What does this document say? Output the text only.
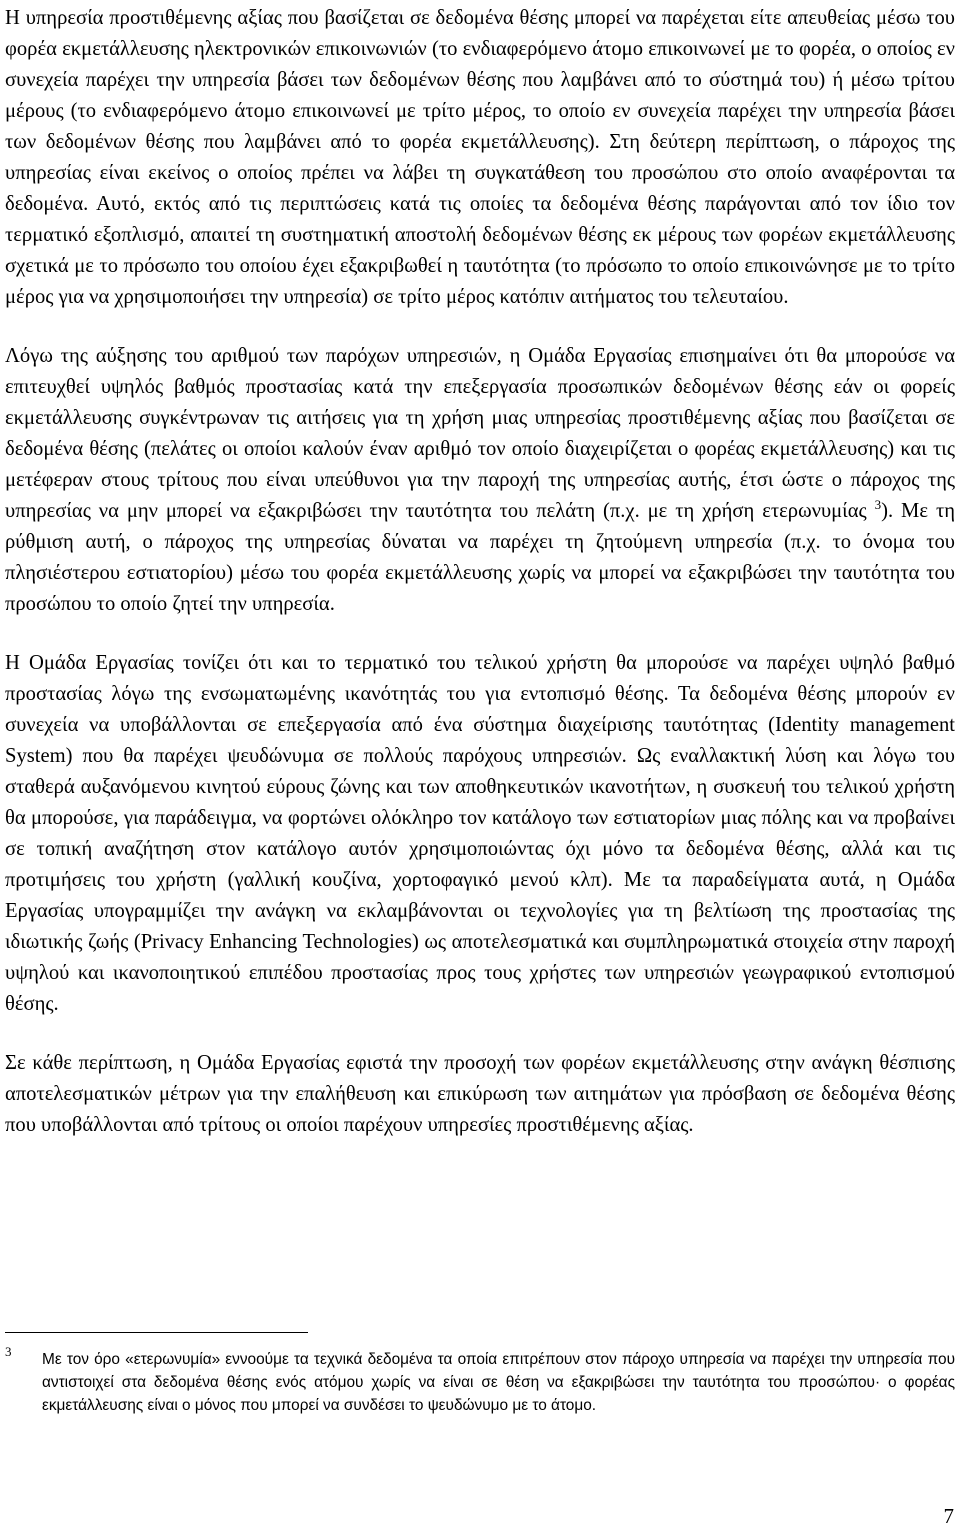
Η υπηρεσία προστιθέμενης αξίας που βασίζεται σε δεδομένα θέσης μπορεί να παρέχεται είτε απευθείας μέσω του φορέα εκμετάλλευσης ηλεκτρονικών επικοινωνιών (το ενδιαφερόμενο άτομο επικοινωνεί με το φορέα, ο οποίος εν συνεχεία παρέχει την υπηρεσία βάσει των δεδομένων θέσης που λαμβάνει από το σύστημά του) ή μέσω τρίτου μέρους (το ενδιαφερόμενο άτομο επικοινωνεί με τρίτο μέρος, το οποίο εν συνεχεία παρέχει την υπηρεσία βάσει των δεδομένων θέσης που λαμβάνει από το φορέα εκμετάλλευσης). Στη δεύτερη περίπτωση, ο πάροχος της υπηρεσίας είναι εκείνος ο οποίος πρέπει να λάβει τη συγκατάθεση του προσώπου στο οποίο αναφέρονται τα δεδομένα. Αυτό, εκτός από τις περιπτώσεις κατά τις οποίες τα δεδομένα θέσης παράγονται από τον ίδιο τον τερματικό εξοπλισμό, απαιτεί τη συστηματική αποστολή δεδομένων θέσης εκ μέρους των φορέων εκμετάλλευσης σχετικά με το πρόσωπο του οποίου έχει εξακριβωθεί η ταυτότητα (το πρόσωπο το οποίο επικοινώνησε με το τρίτο μέρος για να χρησιμοποιήσει την υπηρεσία) σε τρίτο μέρος κατόπιν αιτήματος του τελευταίου.

Λόγω της αύξησης του αριθμού των παρόχων υπηρεσιών, η Ομάδα Εργασίας επισημαίνει ότι θα μπορούσε να επιτευχθεί υψηλός βαθμός προστασίας κατά την επεξεργασία προσωπικών δεδομένων θέσης εάν οι φορείς εκμετάλλευσης συγκέντρωναν τις αιτήσεις για τη χρήση μιας υπηρεσίας προστιθέμενης αξίας που βασίζεται σε δεδομένα θέσης (πελάτες οι οποίοι καλούν έναν αριθμό τον οποίο διαχειρίζεται ο φορέας εκμετάλλευσης) και τις μετέφεραν στους τρίτους που είναι υπεύθυνοι για την παροχή της υπηρεσίας αυτής, έτσι ώστε ο πάροχος της υπηρεσίας να μην μπορεί να εξακριβώσει την ταυτότητα του πελάτη (π.χ. με τη χρήση ετερωνυμίας $^3$). Με τη ρύθμιση αυτή, ο πάροχος της υπηρεσίας δύναται να παρέχει τη ζητούμενη υπηρεσία (π.χ. το όνομα του πλησιέστερου εστιατορίου) μέσω του φορέα εκμετάλλευσης χωρίς να μπορεί να εξακριβώσει την ταυτότητα του προσώπου το οποίο ζητεί την υπηρεσία.

Η Ομάδα Εργασίας τονίζει ότι και το τερματικό του τελικού χρήστη θα μπορούσε να παρέχει υψηλό βαθμό προστασίας λόγω της ενσωματωμένης ικανότητάς του για εντοπισμό θέσης. Τα δεδομένα θέσης μπορούν εν συνεχεία να υποβάλλονται σε επεξεργασία από ένα σύστημα διαχείρισης ταυτότητας (Identity management System) που θα παρέχει ψευδώνυμα σε πολλούς παρόχους υπηρεσιών. Ως εναλλακτική λύση και λόγω του σταθερά αυξανόμενου κινητού εύρους ζώνης και των αποθηκευτικών ικανοτήτων, η συσκευή του τελικού χρήστη θα μπορούσε, για παράδειγμα, να φορτώνει ολόκληρο τον κατάλογο των εστιατορίων μιας πόλης και να προβαίνει σε τοπική αναζήτηση στον κατάλογο αυτόν χρησιμοποιώντας όχι μόνο τα δεδομένα θέσης, αλλά και τις προτιμήσεις του χρήστη (γαλλική κουζίνα, χορτοφαγικό μενού κλπ). Με τα παραδείγματα αυτά, η Ομάδα Εργασίας υπογραμμίζει την ανάγκη να εκλαμβάνονται οι τεχνολογίες για τη βελτίωση της προστασίας της ιδιωτικής ζωής (Privacy Enhancing Technologies) ως αποτελεσματικά και συμπληρωματικά στοιχεία στην παροχή υψηλού και ικανοποιητικού επιπέδου προστασίας προς τους χρήστες των υπηρεσιών γεωγραφικού εντοπισμού θέσης.

Σε κάθε περίπτωση, η Ομάδα Εργασίας εφιστά την προσοχή των φορέων εκμετάλλευσης στην ανάγκη θέσπισης αποτελεσματικών μέτρων για την επαλήθευση και επικύρωση των αιτημάτων για πρόσβαση σε δεδομένα θέσης που υποβάλλονται από τρίτους οι οποίοι παρέχουν υπηρεσίες προστιθέμενης αξίας.

3 Με τον όρο «ετερωνυμία» εννοούμε τα τεχνικά δεδομένα τα οποία επιτρέπουν στον πάροχο υπηρεσία να παρέχει την υπηρεσία που αντιστοιχεί στα δεδομένα θέσης ενός ατόμου χωρίς να είναι σε θέση να εξακριβώσει την ταυτότητα του προσώπου· ο φορέας εκμετάλλευσης είναι ο μόνος που μπορεί να συνδέσει το ψευδώνυμο με το άτομο.
7
